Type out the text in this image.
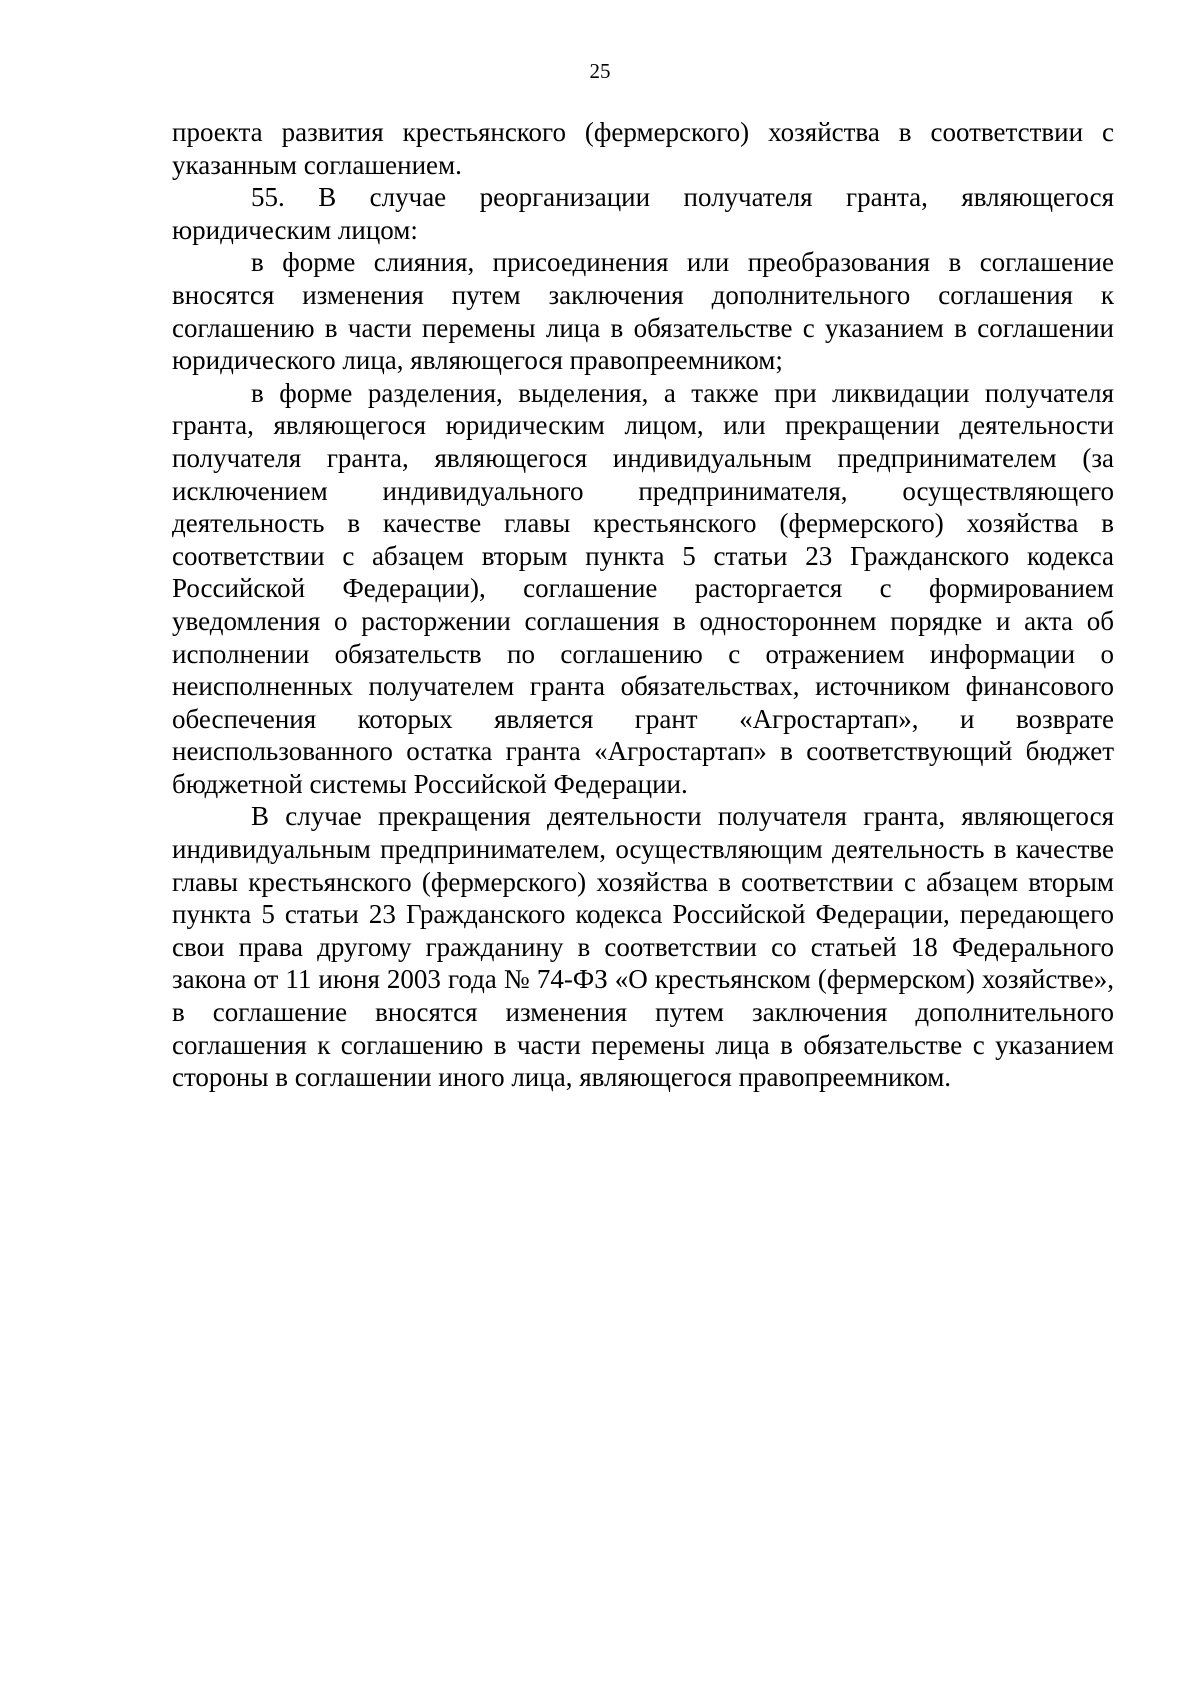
25

проекта развития крестьянского (фермерского) хозяйства в соответствии с указанным соглашением.

55. В случае реорганизации получателя гранта, являющегося юридическим лицом:

в форме слияния, присоединения или преобразования в соглашение вносятся изменения путем заключения дополнительного соглашения к соглашению в части перемены лица в обязательстве с указанием в соглашении юридического лица, являющегося правопреемником;

в форме разделения, выделения, а также при ликвидации получателя гранта, являющегося юридическим лицом, или прекращении деятельности получателя гранта, являющегося индивидуальным предпринимателем (за исключением индивидуального предпринимателя, осуществляющего деятельность в качестве главы крестьянского (фермерского) хозяйства в соответствии с абзацем вторым пункта 5 статьи 23 Гражданского кодекса Российской Федерации), соглашение расторгается с формированием уведомления о расторжении соглашения в одностороннем порядке и акта об исполнении обязательств по соглашению с отражением информации о неисполненных получателем гранта обязательствах, источником финансового обеспечения которых является грант «Агростартап», и возврате неиспользованного остатка гранта «Агростартап» в соответствующий бюджет бюджетной системы Российской Федерации.

В случае прекращения деятельности получателя гранта, являющегося индивидуальным предпринимателем, осуществляющим деятельность в качестве главы крестьянского (фермерского) хозяйства в соответствии с абзацем вторым пункта 5 статьи 23 Гражданского кодекса Российской Федерации, передающего свои права другому гражданину в соответствии со статьей 18 Федерального закона от 11 июня 2003 года № 74-ФЗ «О крестьянском (фермерском) хозяйстве», в соглашение вносятся изменения путем заключения дополнительного соглашения к соглашению в части перемены лица в обязательстве с указанием стороны в соглашении иного лица, являющегося правопреемником.
